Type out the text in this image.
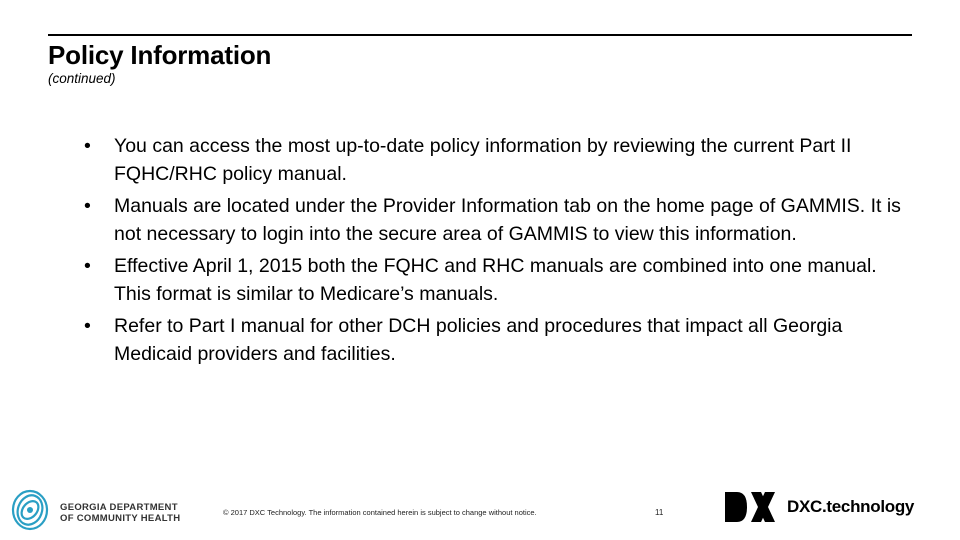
Policy Information
(continued)
• You can access the most up-to-date policy information by reviewing the current Part II FQHC/RHC policy manual.
• Manuals are located under the Provider Information tab on the home page of GAMMIS. It is not necessary to login into the secure area of GAMMIS to view this information.
• Effective April 1, 2015 both the FQHC and RHC manuals are combined into one manual. This format is similar to Medicare’s manuals.
• Refer to Part I manual for other DCH policies and procedures that impact all Georgia Medicaid providers and facilities.
GEORGIA DEPARTMENT
OF COMMUNITY HEALTH
© 2017 DXC Technology. The information contained herein is subject to change without notice.	11	DXC.technology
